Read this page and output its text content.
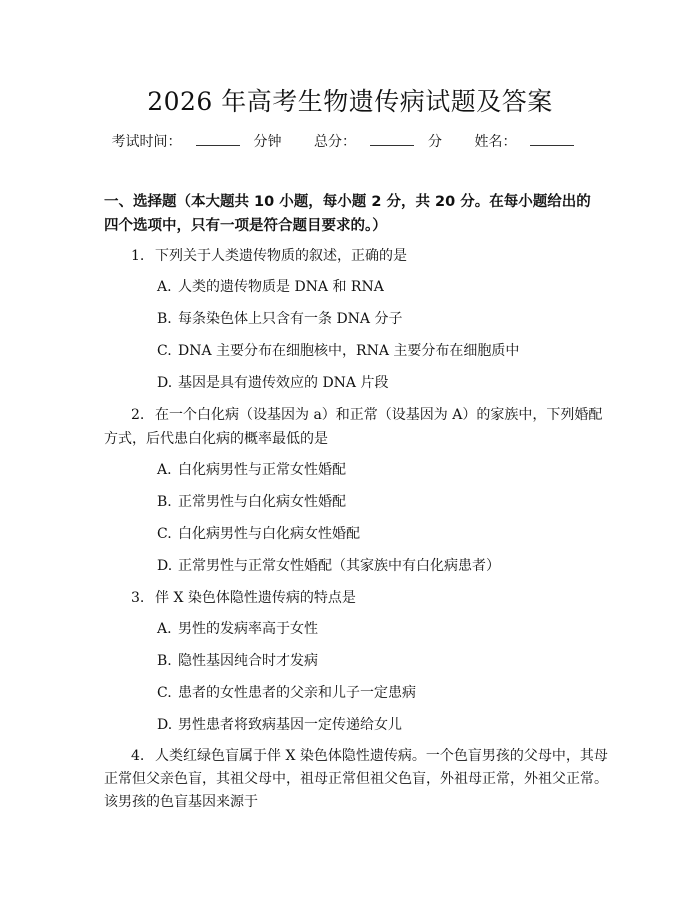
2026 年高考生物遗传病试题及答案
考试时间：	分钟 总分：	分 姓名：
一、选择题（本大题共 10 小题，每小题 2 分，共 20 分。在每小题给出的四个选项中，只有一项是符合题目要求的。）
1. 下列关于人类遗传物质的叙述，正确的是
A. 人类的遗传物质是 DNA 和 RNA
B. 每条染色体上只含有一条 DNA 分子
C. DNA 主要分布在细胞核中，RNA 主要分布在细胞质中
D. 基因是具有遗传效应的 DNA 片段
2. 在一个白化病（设基因为 a）和正常（设基因为 A）的家族中，下列婚配
方式，后代患白化病的概率最低的是
A. 白化病男性与正常女性婚配
B. 正常男性与白化病女性婚配
C. 白化病男性与白化病女性婚配
D. 正常男性与正常女性婚配（其家族中有白化病患者）
3. 伴 X 染色体隐性遗传病的特点是
A. 男性的发病率高于女性
B. 隐性基因纯合时才发病
C. 患者的女性患者的父亲和儿子一定患病
D. 男性患者将致病基因一定传递给女儿
4. 人类红绿色盲属于伴 X 染色体隐性遗传病。一个色盲男孩的父母中，其母
正常但父亲色盲，其祖父母中，祖母正常但祖父色盲，外祖母正常，外祖父正常。
该男孩的色盲基因来源于
